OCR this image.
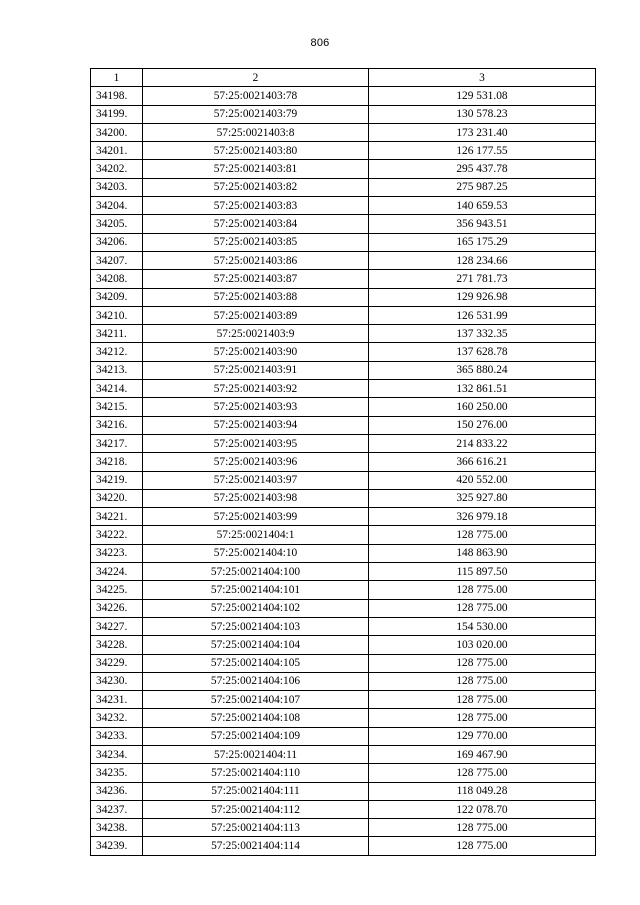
806
1	2	3
34198.	57:25:0021403:78	129 531.08
34199.	57:25:0021403:79	130 578.23
34200.	57:25:0021403:8	173 231.40
34201.	57:25:0021403:80	126 177.55
34202.	57:25:0021403:81	295 437.78
34203.	57:25:0021403:82	275 987.25
34204.	57:25:0021403:83	140 659.53
34205.	57:25:0021403:84	356 943.51
34206.	57:25:0021403:85	165 175.29
34207.	57:25:0021403:86	128 234.66
34208.	57:25:0021403:87	271 781.73
34209.	57:25:0021403:88	129 926.98
34210.	57:25:0021403:89	126 531.99
34211.	57:25:0021403:9	137 332.35
34212.	57:25:0021403:90	137 628.78
34213.	57:25:0021403:91	365 880.24
34214.	57:25:0021403:92	132 861.51
34215.	57:25:0021403:93	160 250.00
34216.	57:25:0021403:94	150 276.00
34217.	57:25:0021403:95	214 833.22
34218.	57:25:0021403:96	366 616.21
34219.	57:25:0021403:97	420 552.00
34220.	57:25:0021403:98	325 927.80
34221.	57:25:0021403:99	326 979.18
34222.	57:25:0021404:1	128 775.00
34223.	57:25:0021404:10	148 863.90
34224.	57:25:0021404:100	115 897.50
34225.	57:25:0021404:101	128 775.00
34226.	57:25:0021404:102	128 775.00
34227.	57:25:0021404:103	154 530.00
34228.	57:25:0021404:104	103 020.00
34229.	57:25:0021404:105	128 775.00
34230.	57:25:0021404:106	128 775.00
34231.	57:25:0021404:107	128 775.00
34232.	57:25:0021404:108	128 775.00
34233.	57:25:0021404:109	129 770.00
34234.	57:25:0021404:11	169 467.90
34235.	57:25:0021404:110	128 775.00
34236.	57:25:0021404:111	118 049.28
34237.	57:25:0021404:112	122 078.70
34238.	57:25:0021404:113	128 775.00
34239.	57:25:0021404:114	128 775.00
